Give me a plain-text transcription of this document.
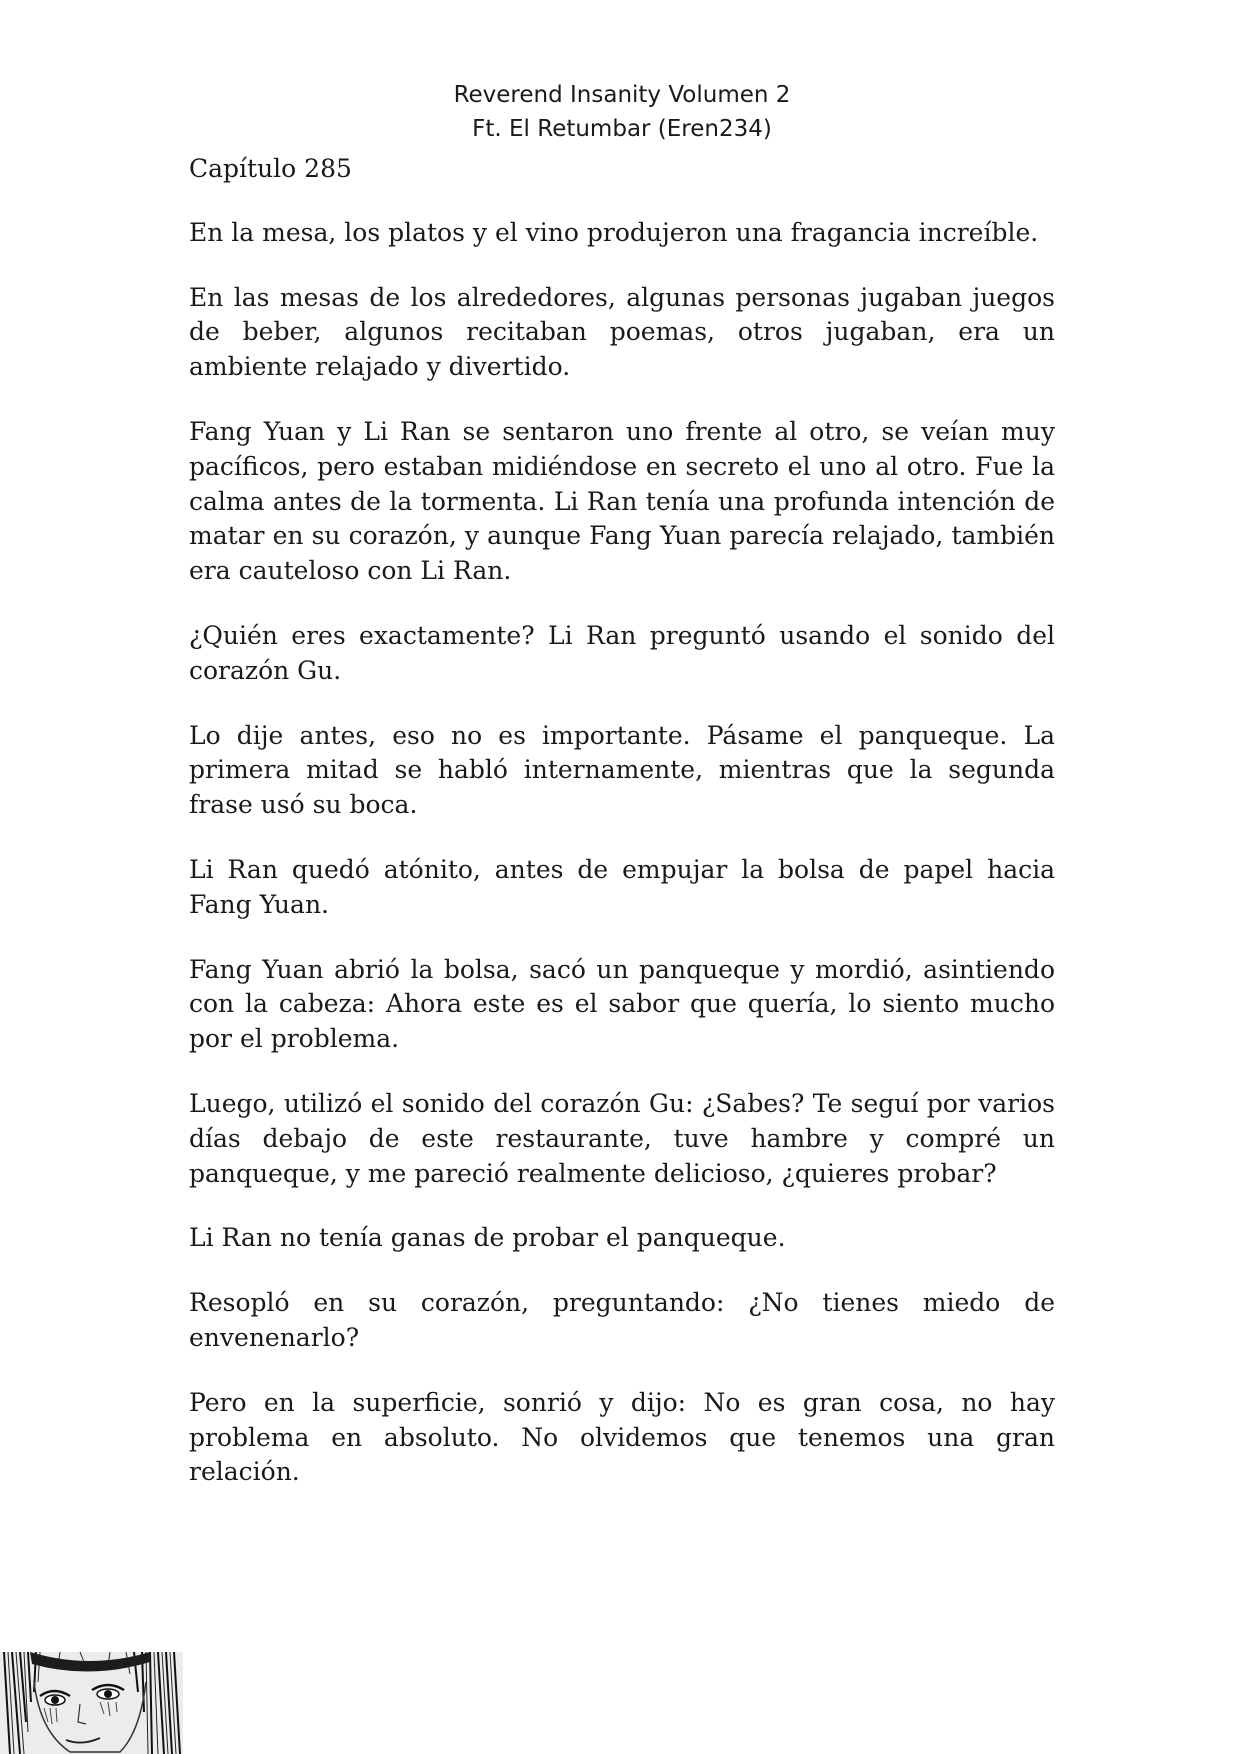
Reverend Insanity Volumen 2
Ft. El Retumbar (Eren234)
Capítulo 285

En la mesa, los platos y el vino produjeron una fragancia increíble.

En las mesas de los alrededores, algunas personas jugaban juegos de beber, algunos recitaban poemas, otros jugaban, era un ambiente relajado y divertido.

Fang Yuan y Li Ran se sentaron uno frente al otro, se veían muy pacíficos, pero estaban midiéndose en secreto el uno al otro. Fue la calma antes de la tormenta. Li Ran tenía una profunda intención de matar en su corazón, y aunque Fang Yuan parecía relajado, también era cauteloso con Li Ran.

¿Quién eres exactamente? Li Ran preguntó usando el sonido del corazón Gu.

Lo dije antes, eso no es importante. Pásame el panqueque. La primera mitad se habló internamente, mientras que la segunda frase usó su boca.

Li Ran quedó atónito, antes de empujar la bolsa de papel hacia Fang Yuan.

Fang Yuan abrió la bolsa, sacó un panqueque y mordió, asintiendo con la cabeza: Ahora este es el sabor que quería, lo siento mucho por el problema.

Luego, utilizó el sonido del corazón Gu: ¿Sabes? Te seguí por varios días debajo de este restaurante, tuve hambre y compré un panqueque, y me pareció realmente delicioso, ¿quieres probar?

Li Ran no tenía ganas de probar el panqueque.

Resopló en su corazón, preguntando: ¿No tienes miedo de envenenarlo?

Pero en la superficie, sonrió y dijo: No es gran cosa, no hay problema en absoluto. No olvidemos que tenemos una gran relación.
